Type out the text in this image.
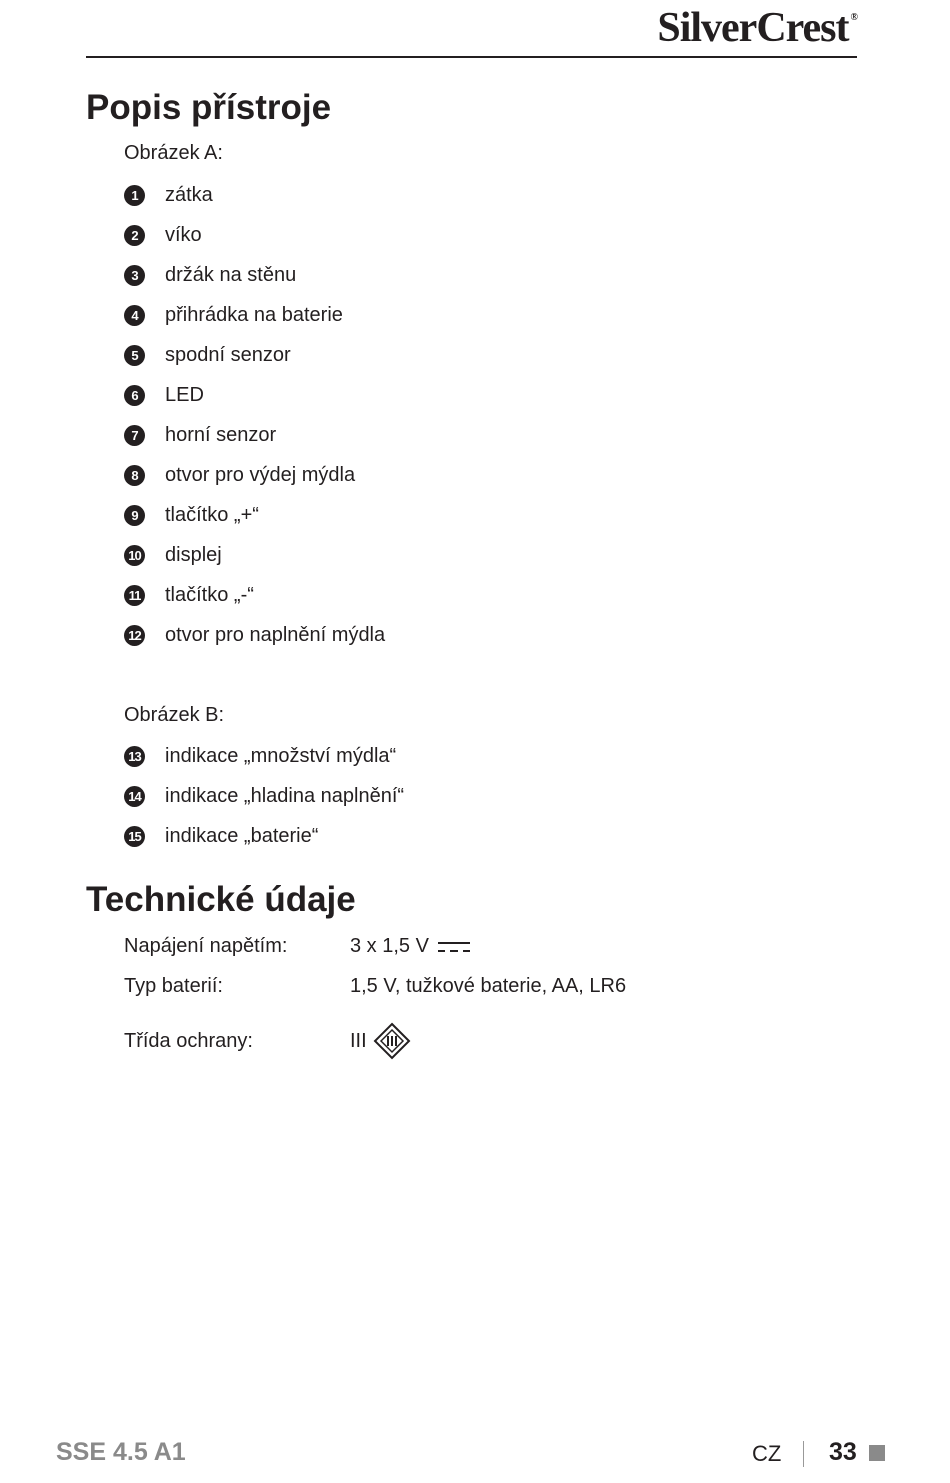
SilverCrest ®
Popis přístroje
Obrázek A:
1	zátka
2	víko
3	držák na stěnu
4	přihrádka na baterie
5	spodní senzor
6	LED
7	horní senzor
8	otvor pro výdej mýdla
9	tlačítko „+“
10 displej
11 tlačítko „-“
12 otvor pro naplnění mýdla
Obrázek B:
13 indikace „množství mýdla“
14 indikace „hladina naplnění“
15 indikace „baterie“
Technické údaje
Napájení napětím:	3 x 1,5 V
Typ baterií:	1,5 V, tužkové baterie, AA, LR6
Třída ochrany:	III
SSE 4.5 A1	CZ 33
